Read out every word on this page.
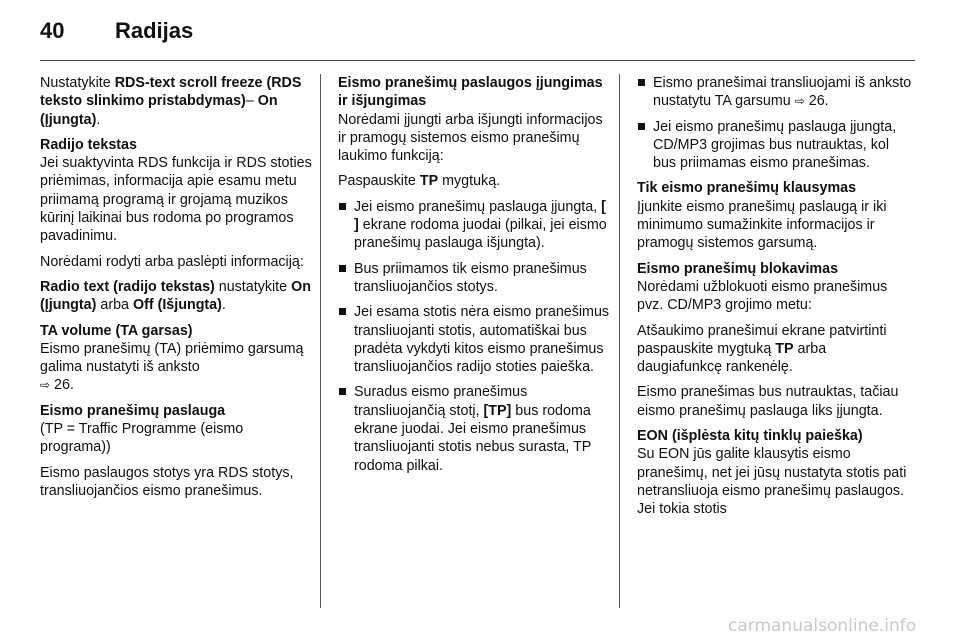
40 Radijas

Nustatykite RDS-text scroll freeze (RDS teksto slinkimo pristabdymas)– On (Įjungta).

Radijo tekstas

Jei suaktyvinta RDS funkcija ir RDS stoties priėmimas, informacija apie esamu metu priimamą programą ir grojamą muzikos kūrinį laikinai bus rodoma po programos pavadinimu.

Norėdami rodyti arba paslėpti informaciją:

Radio text (radijo tekstas) nustatykite On (Įjungta) arba Off (Išjungta).

TA volume (TA garsas)

Eismo pranešimų (TA) priėmimo garsumą galima nustatyti iš anksto
⇨ 26.

Eismo pranešimų paslauga

(TP = Traffic Programme (eismo programa))

Eismo paslaugos stotys yra RDS stotys, transliuojančios eismo pranešimus.

Eismo pranešimų paslaugos įjungimas ir išjungimas

Norėdami įjungti arba išjungti informacijos ir pramogų sistemos eismo pranešimų laukimo funkciją:

Paspauskite TP mygtuką.

Jei eismo pranešimų paslauga įjungta, [ ] ekrane rodoma juodai (pilkai, jei eismo pranešimų paslauga išjungta).
Bus priimamos tik eismo pranešimus transliuojančios stotys.
Jei esama stotis nėra eismo pranešimus transliuojanti stotis, automatiškai bus pradėta vykdyti kitos eismo pranešimus transliuojančios radijo stoties paieška.
Suradus eismo pranešimus transliuojančią stotį, [TP] bus rodoma ekrane juodai. Jei eismo pranešimus transliuojanti stotis nebus surasta, TP rodoma pilkai.
Eismo pranešimai transliuojami iš anksto nustatytu TA garsumu ⇨ 26.
Jei eismo pranešimų paslauga įjungta, CD/MP3 grojimas bus nutrauktas, kol bus priimamas eismo pranešimas.
Tik eismo pranešimų klausymas

Įjunkite eismo pranešimų paslaugą ir iki minimumo sumažinkite informacijos ir pramogų sistemos garsumą.

Eismo pranešimų blokavimas

Norėdami užblokuoti eismo pranešimus pvz. CD/MP3 grojimo metu:

Atšaukimo pranešimui ekrane patvirtinti paspauskite mygtuką TP arba daugiafunkcę rankenėlę.

Eismo pranešimas bus nutrauktas, tačiau eismo pranešimų paslauga liks įjungta.

EON (išplėsta kitų tinklų paieška)

Su EON jūs galite klausytis eismo pranešimų, net jei jūsų nustatyta stotis pati netransliuoja eismo pranešimų paslaugos. Jei tokia stotis

carmanualsonline.info
